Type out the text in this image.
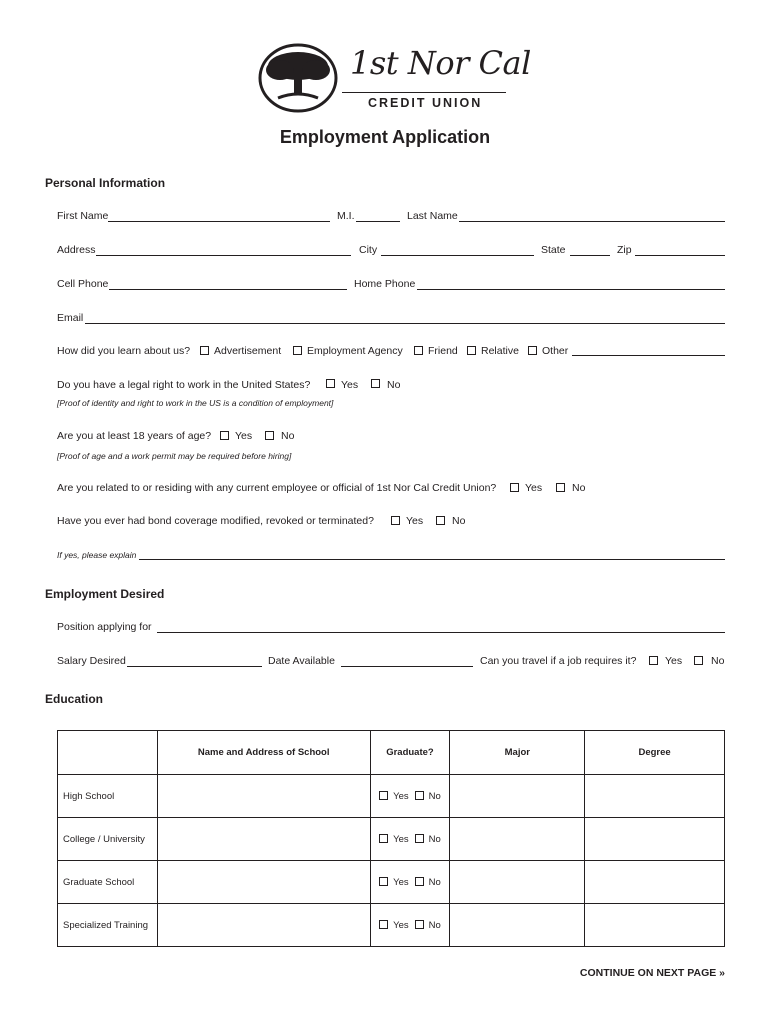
1st Nor Cal
CREDIT UNION
Employment Application
Personal Information
First Name	M.I.	Last Name
Address	City	State	Zip
Cell Phone	Home Phone
Email
How did you learn about us? Advertisement Employment Agency Friend Relative Other
Do you have a legal right to work in the United States?	Yes	No
[Proof of identity and right to work in the US is a condition of employment]
Are you at least 18 years of age? Yes	No
[Proof of age and a work permit may be required before hiring]
Are you related to or residing with any current employee or official of 1st Nor Cal Credit Union?	Yes	No
Have you ever had bond coverage modified, revoked or terminated?	Yes	No
If yes, please explain
Employment Desired
Position applying for
Salary Desired	Date Available	Can you travel if a job requires it?	Yes	No
Education
	Name and Address of School	Graduate?	Major	Degree
High School		Yes No		
College / University		Yes No		
Graduate School		Yes No		
Specialized Training		Yes No		
CONTINUE ON NEXT PAGE »
